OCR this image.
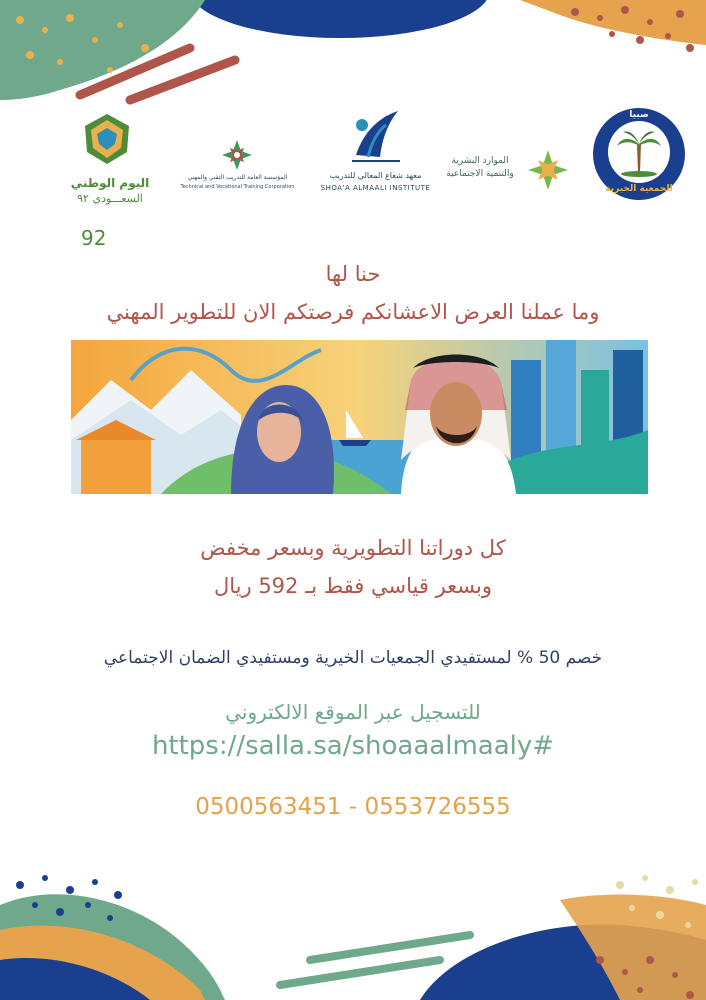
اليوم الوطني
السعـــودي ٩٢
المؤسسة العامة للتدريب التقني والمهني
Technical and Vocational Training Corporation
معهد شعاع المعالي للتدريب
SHOA'A ALMAALI INSTITUTE
الموارد البشرية
والتنمية الاجتماعية
صبيا
الجمعية الخيرية
92
حنا لها
وما عملنا العرض الاعشانكم فرصتكم الان للتطوير المهني
كل دوراتنا التطويرية وبسعر مخفض
وبسعر قياسي فقط بـ 592 ريال
خصم 50 % لمستفيدي الجمعيات الخيرية ومستفيدي الضمان الاجتماعي
للتسجيل عبر الموقع الالكتروني
https://salla.sa/shoaaalmaaly#
0500563451 - 0553726555
